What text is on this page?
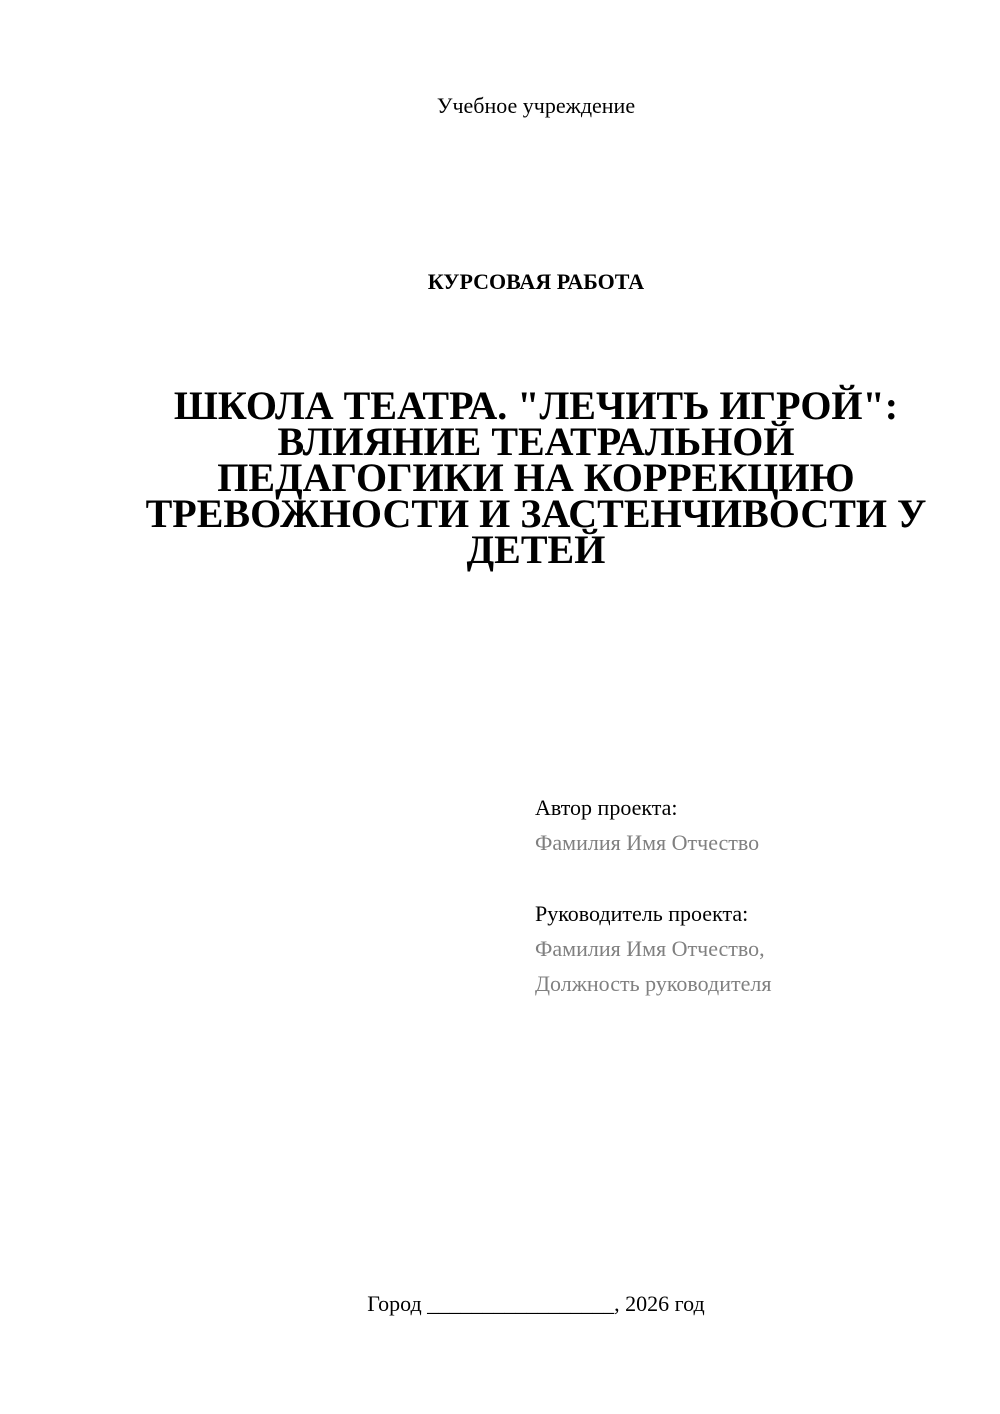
Учебное учреждение
КУРСОВАЯ РАБОТА
ШКОЛА ТЕАТРА. "ЛЕЧИТЬ ИГРОЙ":
ВЛИЯНИЕ ТЕАТРАЛЬНОЙ
ПЕДАГОГИКИ НА КОРРЕКЦИЮ
ТРЕВОЖНОСТИ И ЗАСТЕНЧИВОСТИ У
ДЕТЕЙ
Автор проекта:
Фамилия Имя Отчество
Руководитель проекта:
Фамилия Имя Отчество,
Должность руководителя
Город _________________, 2026 год
